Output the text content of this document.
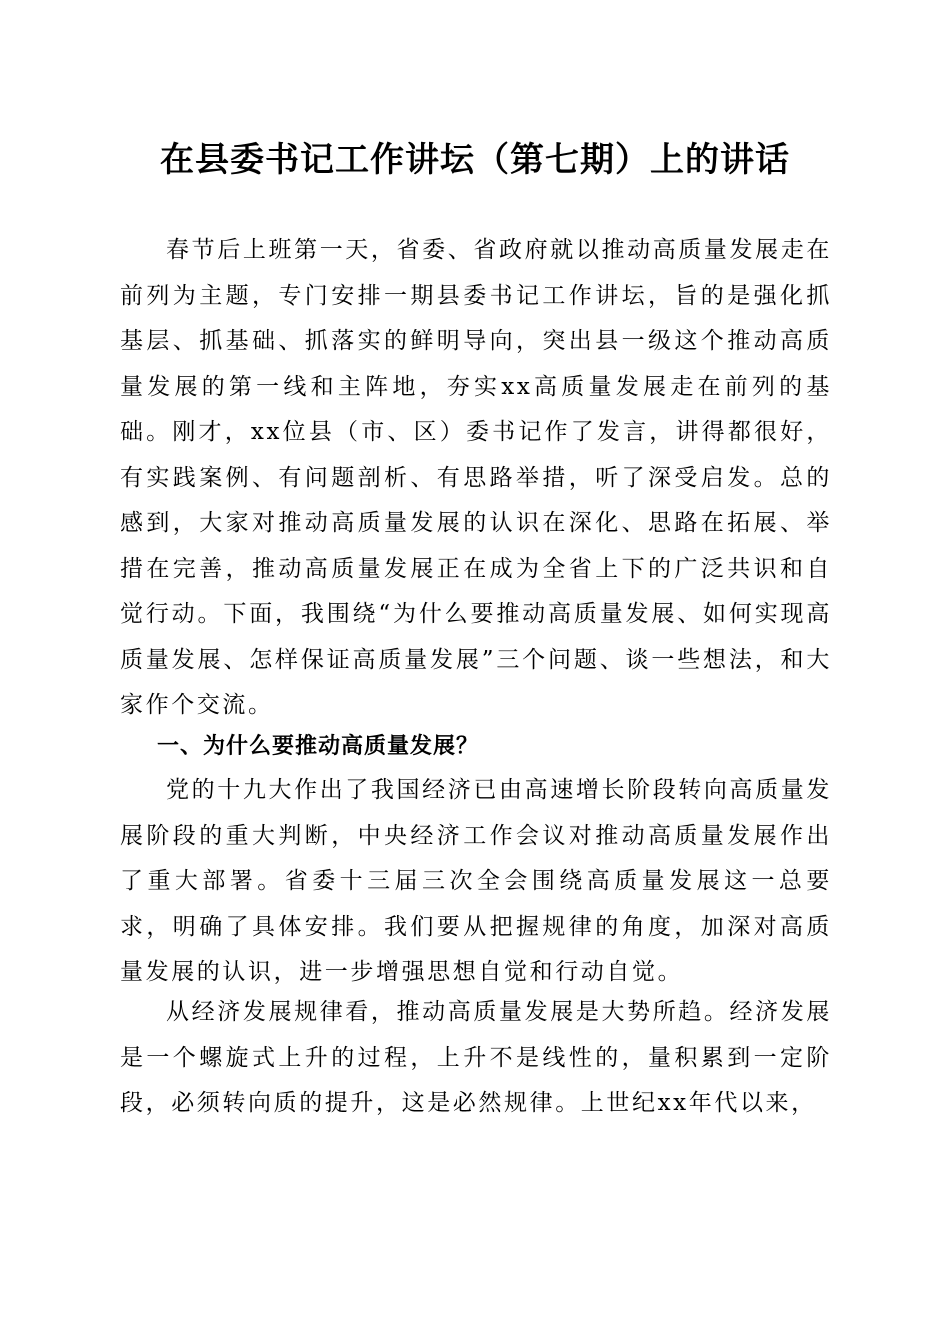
在县委书记工作讲坛（第七期）上的讲话

春节后上班第一天，省委、省政府就以推动高质量发展走在前列为主题，专门安排一期县委书记工作讲坛，旨的是强化抓基层、抓基础、抓落实的鲜明导向，突出县一级这个推动高质量发展的第一线和主阵地，夯实xx高质量发展走在前列的基础。刚才，xx位县（市、区）委书记作了发言，讲得都很好，有实践案例、有问题剖析、有思路举措，听了深受启发。总的感到，大家对推动高质量发展的认识在深化、思路在拓展、举措在完善，推动高质量发展正在成为全省上下的广泛共识和自觉行动。下面，我围绕“为什么要推动高质量发展、如何实现高质量发展、怎样保证高质量发展”三个问题、谈一些想法，和大家作个交流。

一、为什么要推动高质量发展？

党的十九大作出了我国经济已由高速增长阶段转向高质量发展阶段的重大判断，中央经济工作会议对推动高质量发展作出了重大部署。省委十三届三次全会围绕高质量发展这一总要求，明确了具体安排。我们要从把握规律的角度，加深对高质量发展的认识，进一步增强思想自觉和行动自觉。

从经济发展规律看，推动高质量发展是大势所趋。经济发展是一个螺旋式上升的过程，上升不是线性的，量积累到一定阶段，必须转向质的提升，这是必然规律。上世纪xx年代以来，
